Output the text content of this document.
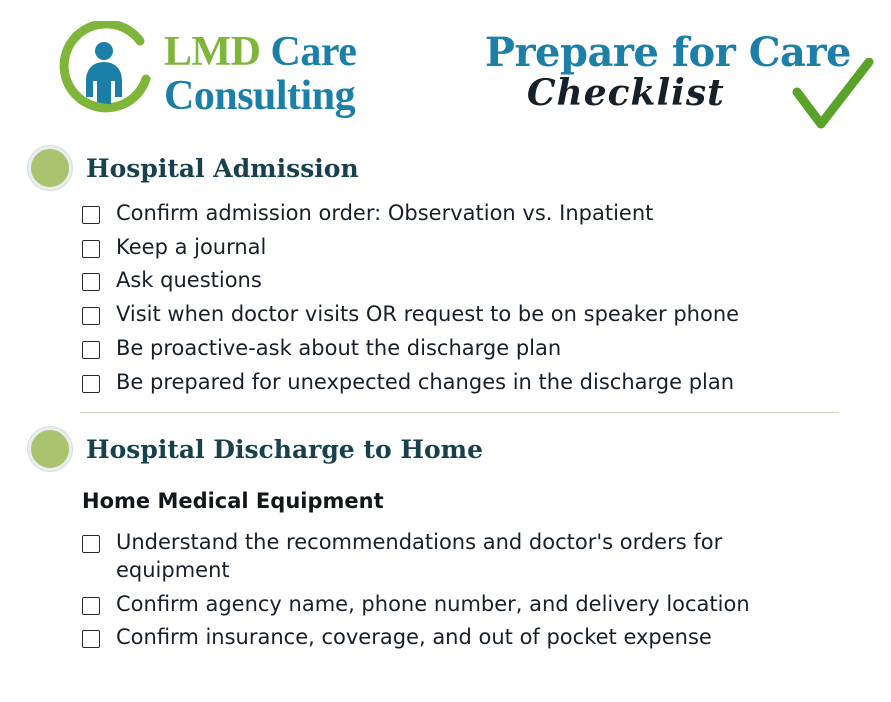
LMD Care
Consulting
Prepare for Care
Checklist
Hospital Admission
Confirm admission order: Observation vs. Inpatient
Keep a journal
Ask questions
Visit when doctor visits OR request to be on speaker phone
Be proactive-ask about the discharge plan
Be prepared for unexpected changes in the discharge plan
Hospital Discharge to Home
Home Medical Equipment
Understand the recommendations and doctor's orders for equipment
Confirm agency name, phone number, and delivery location
Confirm insurance, coverage, and out of pocket expense
